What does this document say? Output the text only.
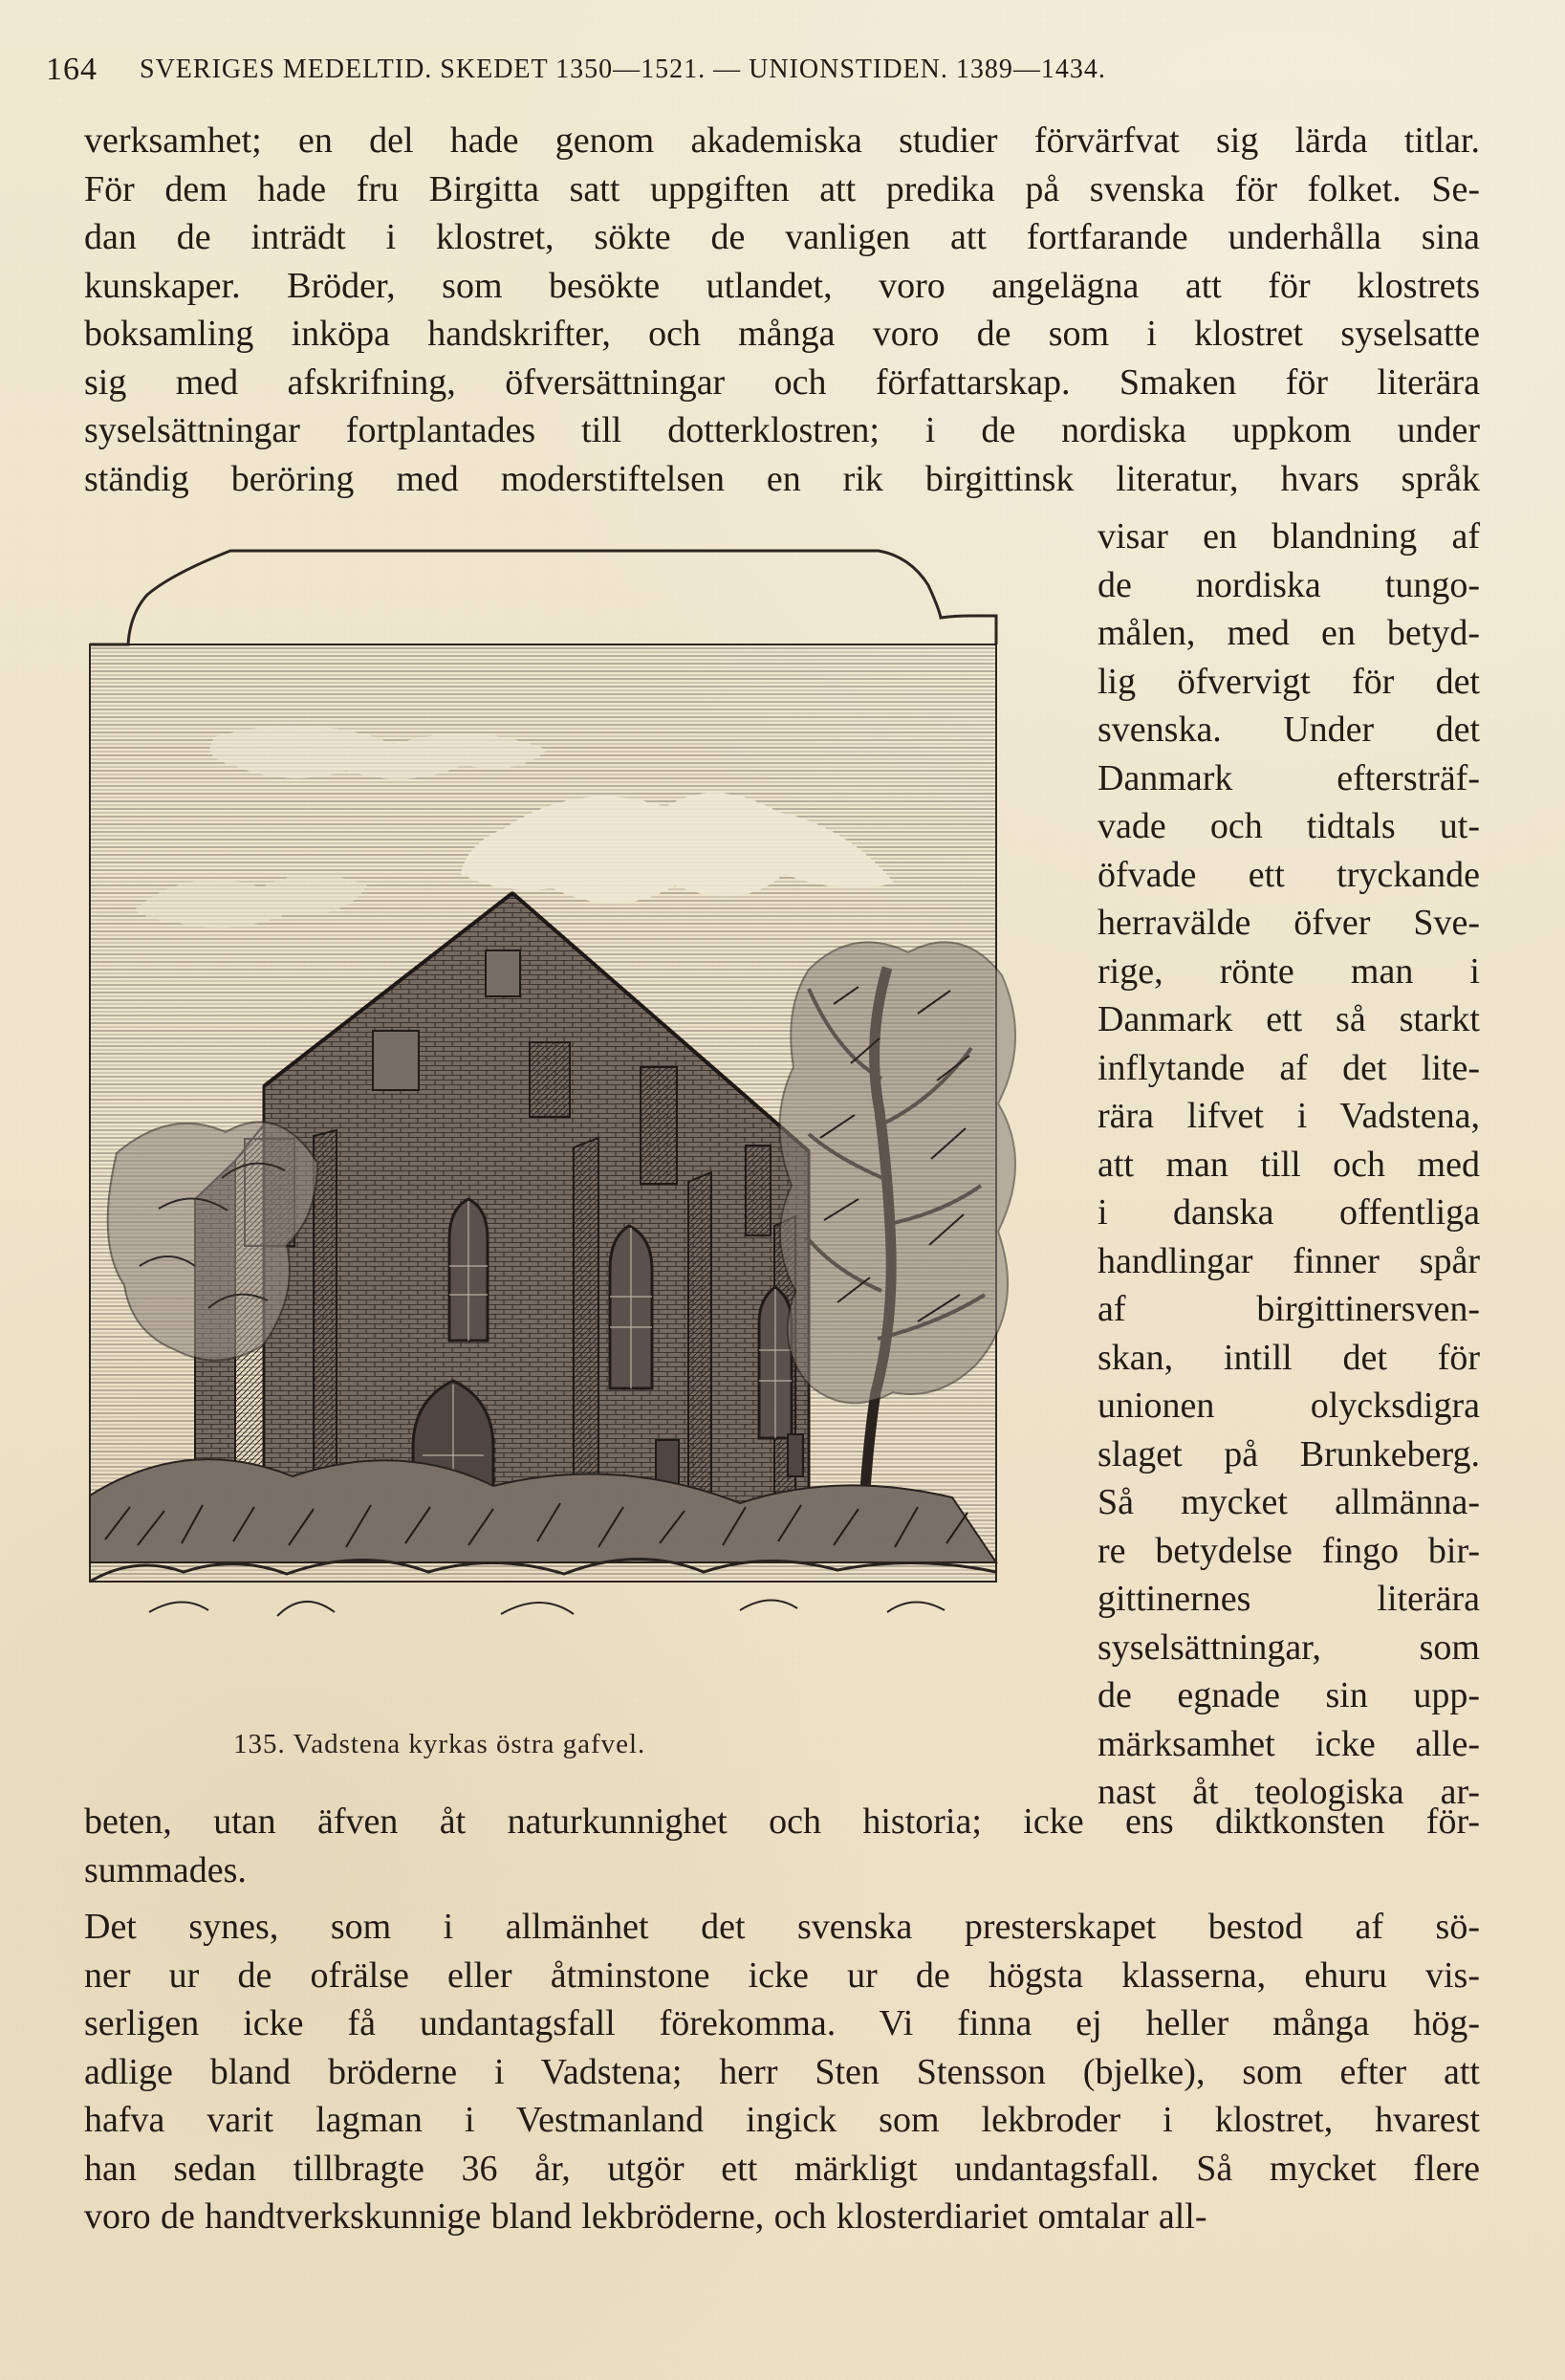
164 SVERIGES MEDELTID. SKEDET 1350—1521. — UNIONSTIDEN. 1389—1434.
verksamhet; en del hade genom akademiska studier förvärfvat sig lärda titlar.
För dem hade fru Birgitta satt uppgiften att predika på svenska för folket. Se-
dan de inträdt i klostret, sökte de vanligen att fortfarande underhålla sina
kunskaper. Bröder, som besökte utlandet, voro angelägna att för klostrets
boksamling inköpa handskrifter, och många voro de som i klostret syselsatte
sig med afskrifning, öfversättningar och författarskap. Smaken för literära
syselsättningar fortplantades till dotterklostren; i de nordiska uppkom under
ständig beröring med moderstiftelsen en rik birgittinsk literatur, hvars språk
135. Vadstena kyrkas östra gafvel.
visar en blandning af
de nordiska tungo-
målen, med en betyd-
lig öfvervigt för det
svenska. Under det
Danmark eftersträf-
vade och tidtals ut-
öfvade ett tryckande
herravälde öfver Sve-
rige, rönte man i
Danmark ett så starkt
inflytande af det lite-
rära lifvet i Vadstena,
att man till och med
i danska offentliga
handlingar finner spår
af birgittinersven-
skan, intill det för
unionen olycksdigra
slaget på Brunkeberg.
Så mycket allmänna-
re betydelse fingo bir-
gittinernes literära
syselsättningar, som
de egnade sin upp-
märksamhet icke alle-
nast åt teologiska ar-
beten, utan äfven åt naturkunnighet och historia; icke ens diktkonsten för-
summades.
Det synes, som i allmänhet det svenska presterskapet bestod af sö-
ner ur de ofrälse eller åtminstone icke ur de högsta klasserna, ehuru vis-
serligen icke få undantagsfall förekomma. Vi finna ej heller många hög-
adlige bland bröderne i Vadstena; herr Sten Stensson (bjelke), som efter att
hafva varit lagman i Vestmanland ingick som lekbroder i klostret, hvarest
han sedan tillbragte 36 år, utgör ett märkligt undantagsfall. Så mycket flere
voro de handtverkskunnige bland lekbröderne, och klosterdiariet omtalar all-
